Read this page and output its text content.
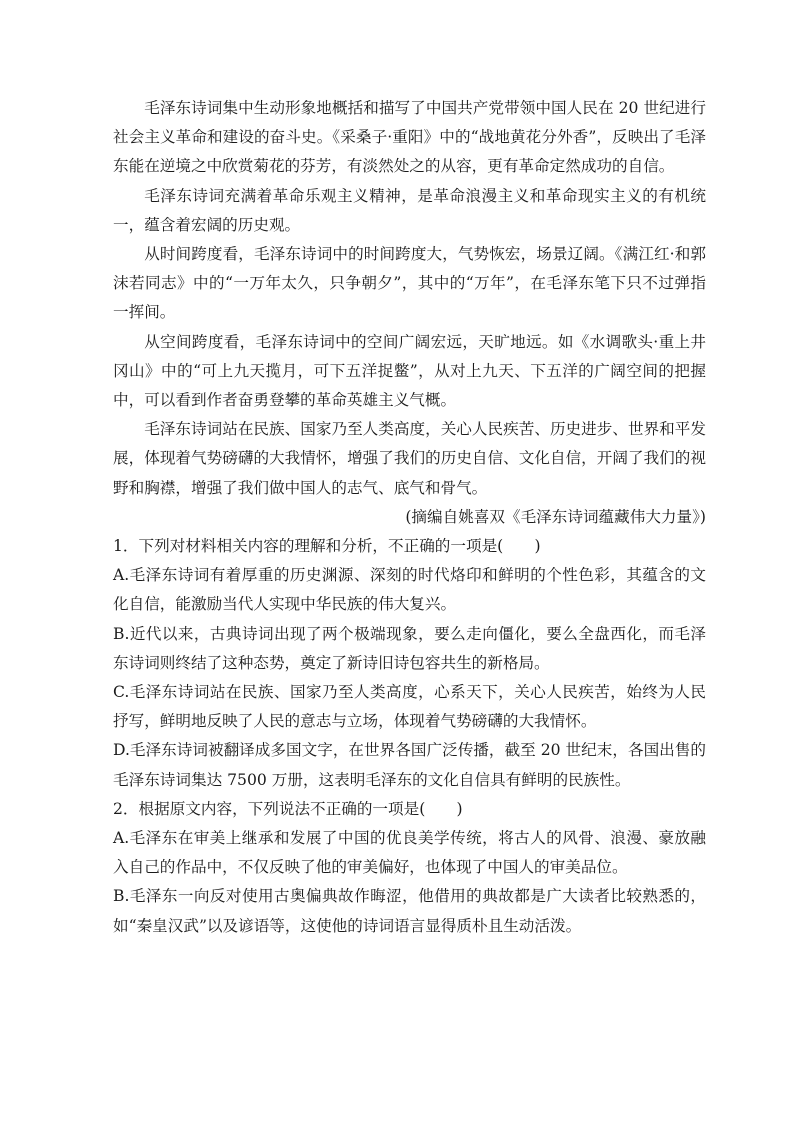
毛泽东诗词集中生动形象地概括和描写了中国共产党带领中国人民在 20 世纪进行社会主义革命和建设的奋斗史。《采桑子·重阳》中的“战地黄花分外香”，反映出了毛泽东能在逆境之中欣赏菊花的芬芳，有淡然处之的从容，更有革命定然成功的自信。

毛泽东诗词充满着革命乐观主义精神，是革命浪漫主义和革命现实主义的有机统一，蕴含着宏阔的历史观。

从时间跨度看，毛泽东诗词中的时间跨度大，气势恢宏，场景辽阔。《满江红·和郭沫若同志》中的“一万年太久，只争朝夕”，其中的“万年”，在毛泽东笔下只不过弹指一挥间。

从空间跨度看，毛泽东诗词中的空间广阔宏远，天旷地远。如《水调歌头·重上井冈山》中的“可上九天揽月，可下五洋捉鳖”，从对上九天、下五洋的广阔空间的把握中，可以看到作者奋勇登攀的革命英雄主义气概。

毛泽东诗词站在民族、国家乃至人类高度，关心人民疾苦、历史进步、世界和平发展，体现着气势磅礴的大我情怀，增强了我们的历史自信、文化自信，开阔了我们的视野和胸襟，增强了我们做中国人的志气、底气和骨气。

(摘编自姚喜双《毛泽东诗词蕴藏伟大力量》)

1．下列对材料相关内容的理解和分析，不正确的一项是(　　)

A.毛泽东诗词有着厚重的历史渊源、深刻的时代烙印和鲜明的个性色彩，其蕴含的文化自信，能激励当代人实现中华民族的伟大复兴。

B.近代以来，古典诗词出现了两个极端现象，要么走向僵化，要么全盘西化，而毛泽东诗词则终结了这种态势，奠定了新诗旧诗包容共生的新格局。

C.毛泽东诗词站在民族、国家乃至人类高度，心系天下，关心人民疾苦，始终为人民抒写，鲜明地反映了人民的意志与立场，体现着气势磅礴的大我情怀。

D.毛泽东诗词被翻译成多国文字，在世界各国广泛传播，截至 20 世纪末，各国出售的毛泽东诗词集达 7500 万册，这表明毛泽东的文化自信具有鲜明的民族性。

2．根据原文内容，下列说法不正确的一项是(　　)

A.毛泽东在审美上继承和发展了中国的优良美学传统，将古人的风骨、浪漫、豪放融入自己的作品中，不仅反映了他的审美偏好，也体现了中国人的审美品位。

B.毛泽东一向反对使用古奥偏典故作晦涩，他借用的典故都是广大读者比较熟悉的，如“秦皇汉武”以及谚语等，这使他的诗词语言显得质朴且生动活泼。
